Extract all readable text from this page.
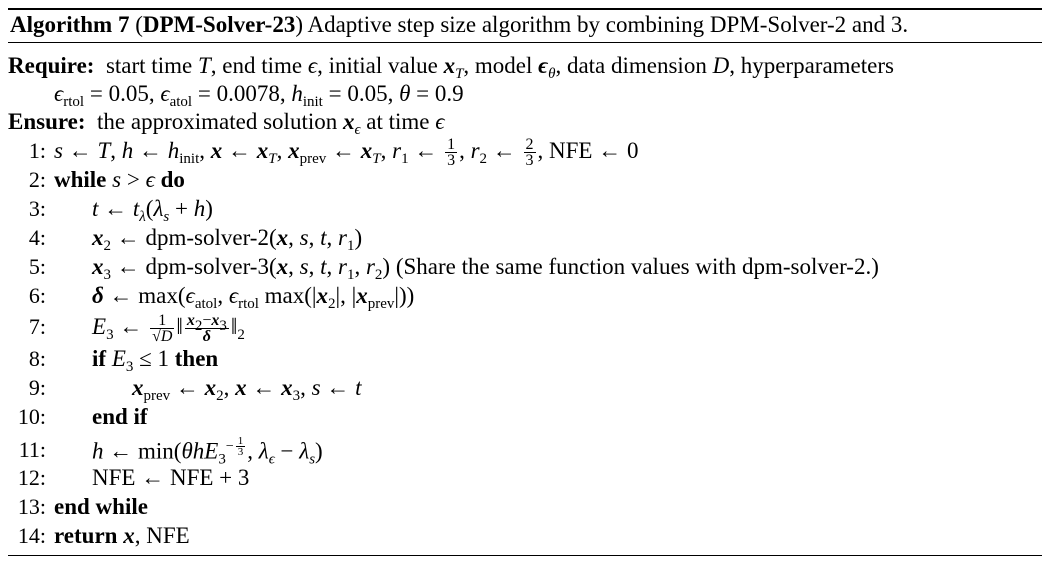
Algorithm 7 (DPM-Solver-23) Adaptive step size algorithm by combining DPM-Solver-2 and 3.
Require: start time T, end time ϵ, initial value $x_T$, model $\epsilon_\theta$, data dimension D, hyperparameters
$\epsilon_{rtol} = 0.05$, $\epsilon_{atol} = 0.0078$, $h_{init} = 0.05$, θ = 0.9
Ensure: the approximated solution $x_\epsilon$ at time ϵ
1: s ← T, h ← $h_{init}$, x ← $x_T$, $x_{prev}$ ← $x_T$, $r_1$ ← $\frac{1}{3}$ , $r_2$ ← $\frac{2}{3}$ , NFE ← 0
2: while s > ϵ do
3: t ← $t_\lambda(\lambda_s + h)$
4: $x_2$ ← dpm-solver-2(x, s, t, $r_1$)
5: $x_3$ ← dpm-solver-3(x, s, t, $r_1$, $r_2$) (Share the same function values with dpm-solver-2.)
6: δ ← $\max(\epsilon_{atol}$, $\epsilon_{rtol}$ $\max(|x_2|$, $|x_{prev}|$))
7: $E_3$ ← $\frac{1}{√D}$ ‖ $\frac{x_2-x_3}{\delta}$ $‖_2$
8: if $E_3 \le 1$ then
9:	$x_{prev}$ ← $x_2$, x ← $x_3$, s ← t
10: end if
11: h ← min(θhE$_3^{- \frac{1}{3}}$ , $\lambda_\epsilon - \lambda_s$)
12: NFE ← NFE + 3
13: end while
14: return x, NFE
